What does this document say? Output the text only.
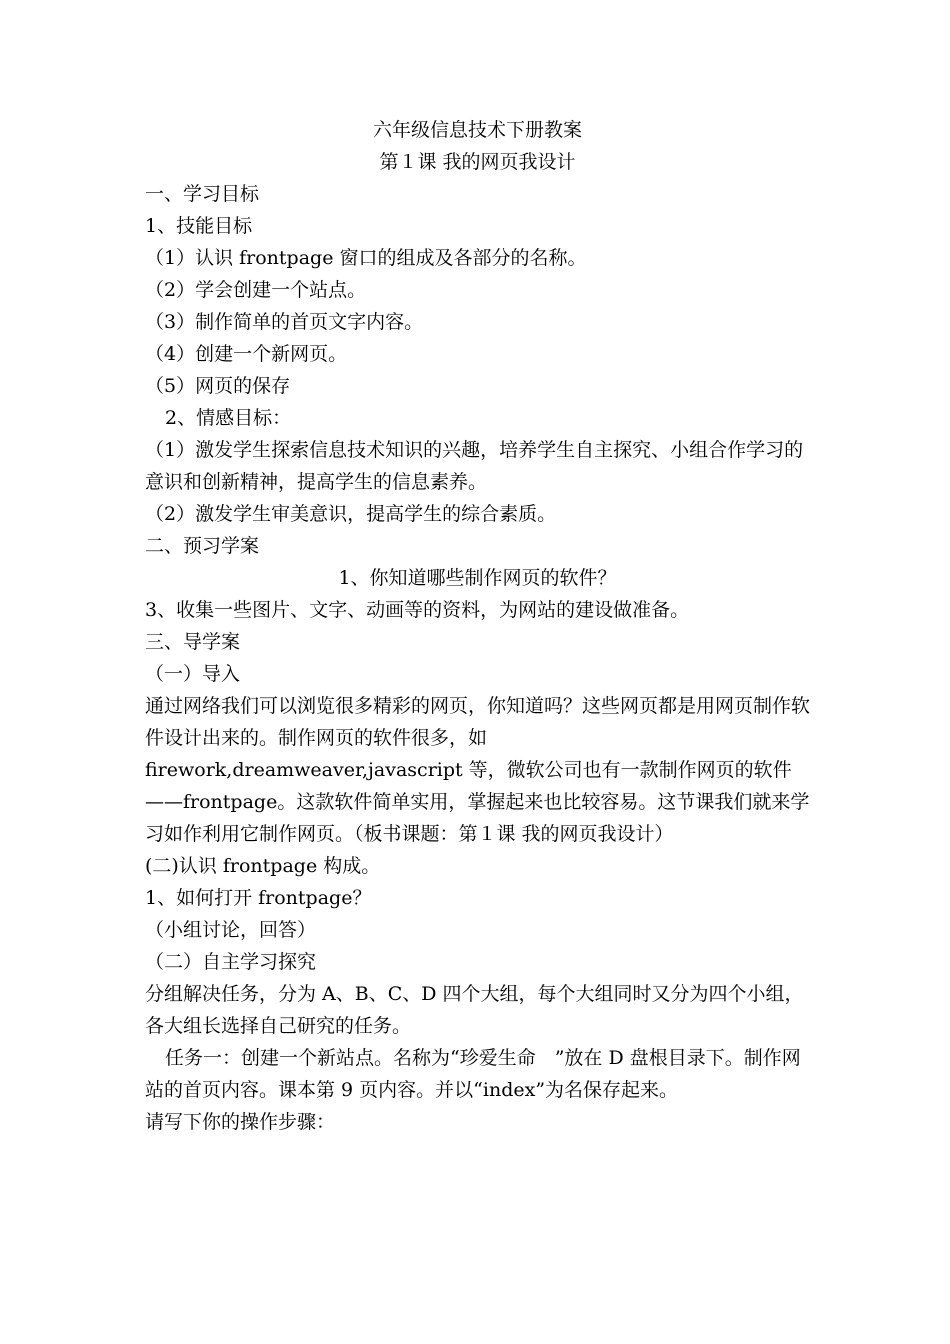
六年级信息技术下册教案
第１课 我的网页我设计
一、学习目标
1、技能目标
（1）认识 frontpage 窗口的组成及各部分的名称。
（2）学会创建一个站点。
（3）制作简单的首页文字内容。
（4）创建一个新网页。
（5）网页的保存
2、情感目标：
（1）激发学生探索信息技术知识的兴趣，培养学生自主探究、小组合作学习的意识和创新精神，提高学生的信息素养。
（2）激发学生审美意识，提高学生的综合素质。
二、预习学案
1、你知道哪些制作网页的软件？
3、收集一些图片、文字、动画等的资料，为网站的建设做准备。
三、导学案
（一）导入
通过网络我们可以浏览很多精彩的网页，你知道吗？这些网页都是用网页制作软件设计出来的。制作网页的软件很多，如
firework,dreamweaver,javascript 等，微软公司也有一款制作网页的软件——frontpage。这款软件简单实用，掌握起来也比较容易。这节课我们就来学习如作利用它制作网页。（板书课题：第１课 我的网页我设计）
(二)认识 frontpage 构成。
1、如何打开 frontpage？
（小组讨论，回答）
（二）自主学习探究
分组解决任务，分为 A、B、C、D 四个大组，每个大组同时又分为四个小组，各大组长选择自己研究的任务。
任务一：创建一个新站点。名称为“珍爱生命　”放在 D 盘根目录下。制作网站的首页内容。课本第 9 页内容。并以“index”为名保存起来。
请写下你的操作步骤：
